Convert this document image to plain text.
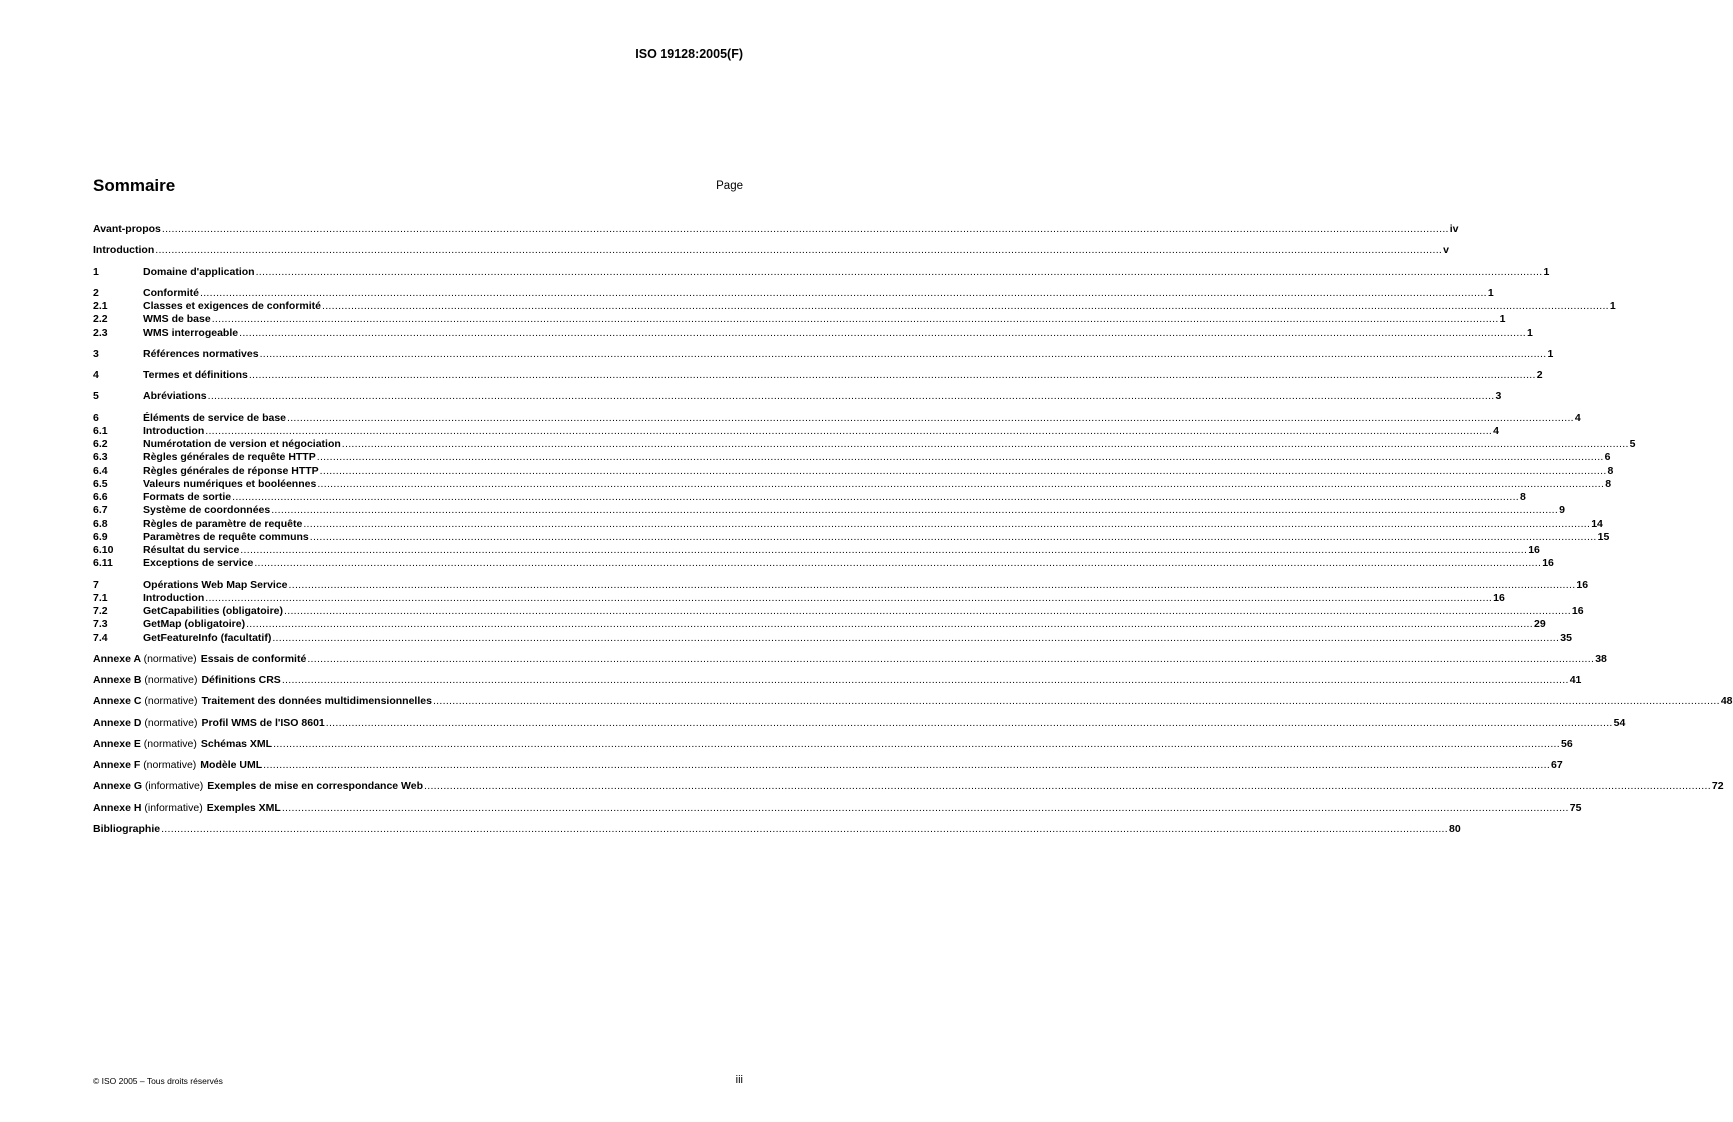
ISO 19128:2005(F)
Sommaire	Page
Avant-propos ................................................................................................................................................................................................................................................................................................................................................................................................................ iv
Introduction ................................................................................................................................................................................................................................................................................................................................................................................................................ v
1	Domaine d'application ................................................................................................................................................................................................................................................................................................................................................................................................................ 1
2	Conformité ................................................................................................................................................................................................................................................................................................................................................................................................................ 1
2.1	Classes et exigences de conformité ................................................................................................................................................................................................................................................................................................................................................................................................................ 1
2.2	WMS de base ................................................................................................................................................................................................................................................................................................................................................................................................................ 1
2.3	WMS interrogeable ................................................................................................................................................................................................................................................................................................................................................................................................................ 1
3	Références normatives ................................................................................................................................................................................................................................................................................................................................................................................................................ 1
4	Termes et définitions ................................................................................................................................................................................................................................................................................................................................................................................................................ 2
5	Abréviations ................................................................................................................................................................................................................................................................................................................................................................................................................ 3
6	Éléments de service de base ................................................................................................................................................................................................................................................................................................................................................................................................................ 4
6.1	Introduction ................................................................................................................................................................................................................................................................................................................................................................................................................ 4
6.2	Numérotation de version et négociation ................................................................................................................................................................................................................................................................................................................................................................................................................ 5
6.3	Règles générales de requête HTTP ................................................................................................................................................................................................................................................................................................................................................................................................................ 6
6.4	Règles générales de réponse HTTP ................................................................................................................................................................................................................................................................................................................................................................................................................ 8
6.5	Valeurs numériques et booléennes ................................................................................................................................................................................................................................................................................................................................................................................................................ 8
6.6	Formats de sortie ................................................................................................................................................................................................................................................................................................................................................................................................................ 8
6.7	Système de coordonnées ................................................................................................................................................................................................................................................................................................................................................................................................................ 9
6.8	Règles de paramètre de requête ................................................................................................................................................................................................................................................................................................................................................................................................................ 14
6.9	Paramètres de requête communs ................................................................................................................................................................................................................................................................................................................................................................................................................ 15
6.10	Résultat du service ................................................................................................................................................................................................................................................................................................................................................................................................................ 16
6.11	Exceptions de service ................................................................................................................................................................................................................................................................................................................................................................................................................ 16
7	Opérations Web Map Service ................................................................................................................................................................................................................................................................................................................................................................................................................ 16
7.1	Introduction ................................................................................................................................................................................................................................................................................................................................................................................................................ 16
7.2	GetCapabilities (obligatoire) ................................................................................................................................................................................................................................................................................................................................................................................................................ 16
7.3	GetMap (obligatoire) ................................................................................................................................................................................................................................................................................................................................................................................................................ 29
7.4	GetFeatureInfo (facultatif) ................................................................................................................................................................................................................................................................................................................................................................................................................ 35
Annexe A (normative) Essais de conformité ................................................................................................................................................................................................................................................................................................................................................................................................................ 38
Annexe B (normative) Définitions CRS ................................................................................................................................................................................................................................................................................................................................................................................................................ 41
Annexe C (normative) Traitement des données multidimensionnelles ................................................................................................................................................................................................................................................................................................................................................................................................................ 48
Annexe D (normative) Profil WMS de l'ISO 8601 ................................................................................................................................................................................................................................................................................................................................................................................................................ 54
Annexe E (normative) Schémas XML ................................................................................................................................................................................................................................................................................................................................................................................................................ 56
Annexe F (normative) Modèle UML ................................................................................................................................................................................................................................................................................................................................................................................................................ 67
Annexe G (informative) Exemples de mise en correspondance Web ................................................................................................................................................................................................................................................................................................................................................................................................................ 72
Annexe H (informative) Exemples XML ................................................................................................................................................................................................................................................................................................................................................................................................................ 75
Bibliographie ................................................................................................................................................................................................................................................................................................................................................................................................................ 80
© ISO 2005 – Tous droits réservés	iii
